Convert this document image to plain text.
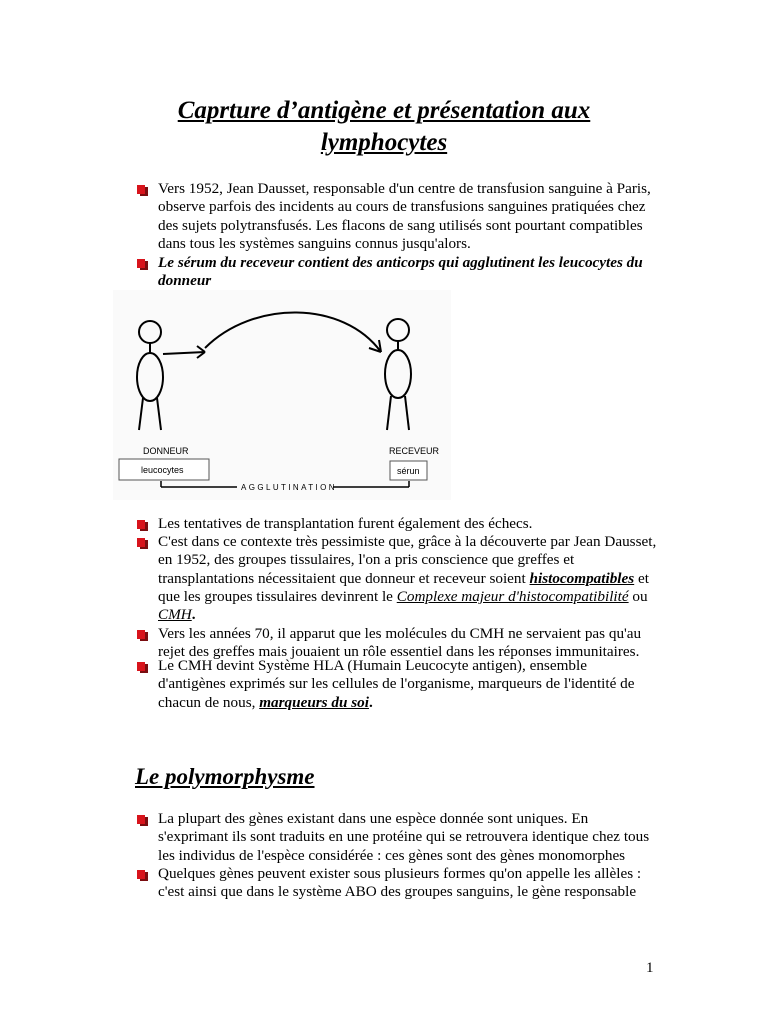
Caprture d’antigène et présentation aux
lymphocytes
Vers 1952, Jean Dausset, responsable d'un centre de transfusion sanguine à Paris, observe parfois des incidents au cours de transfusions sanguines pratiquées chez des sujets polytransfusés. Les flacons de sang utilisés sont pourtant compatibles dans tous les systèmes sanguins connus jusqu'alors.
Le sérum du receveur contient des anticorps qui agglutinent les leucocytes du donneur
DONNEUR	RECEVEUR
leucocytes	sérun
AGGLUTINATION
Les tentatives de transplantation furent également des échecs.
C'est dans ce contexte très pessimiste que, grâce à la découverte par Jean Dausset, en 1952, des groupes tissulaires, l'on a pris conscience que greffes et transplantations nécessitaient que donneur et receveur soient histocompatibles et que les groupes tissulaires devinrent le Complexe majeur d'histocompatibilité ou CMH.
Vers les années 70, il apparut que les molécules du CMH ne servaient pas qu'au rejet des greffes mais jouaient un rôle essentiel dans les réponses immunitaires.
Le CMH devint Système HLA (Humain Leucocyte antigen), ensemble d'antigènes exprimés sur les cellules de l'organisme, marqueurs de l'identité de chacun de nous, marqueurs du soi.
Le polymorphysme
La plupart des gènes existant dans une espèce donnée sont uniques. En s'exprimant ils sont traduits en une protéine qui se retrouvera identique chez tous les individus de l'espèce considérée : ces gènes sont des gènes monomorphes
Quelques gènes peuvent exister sous plusieurs formes qu'on appelle les allèles : c'est ainsi que dans le système ABO des groupes sanguins, le gène responsable
1
